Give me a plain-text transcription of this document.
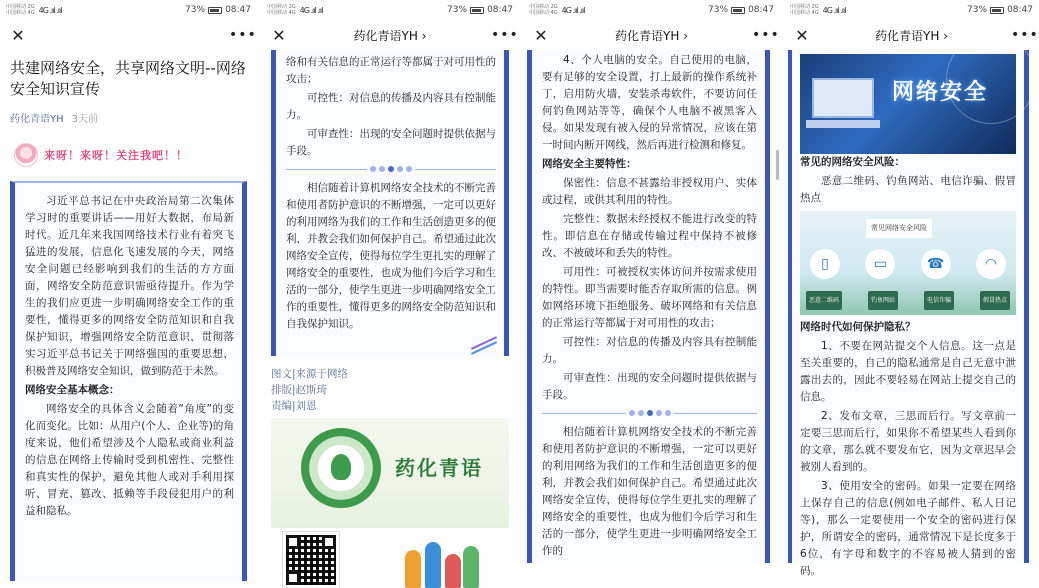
中国移动 2G
中国移动 4G 4G .ııl .ııl	73% 08:47
✕	•••
共建网络安全，共享网络文明--网络安全知识宣传
药化青语YH 3天前
来呀！来呀！关注我吧！！

习近平总书记在中央政治局第二次集体学习时的重要讲话——用好大数据，布局新时代。近几年来我国网络技术行业有着突飞猛进的发展，信息化飞速发展的今天，网络安全问题已经影响到我们的生活的方方面面，网络安全防范意识需亟待提升。作为学生的我们应更进一步明确网络安全工作的重要性，懂得更多的网络安全防范知识和自我保护知识，增强网络安全防范意识，贯彻落实习近平总书记关于网络强国的重要思想，积极普及网络安全知识，做到防范于未然。

网络安全基本概念：

网络安全的具体含义会随着“角度”的变化而变化。比如：从用户(个人、企业等)的角度来说，他们希望涉及个人隐私或商业利益的信息在网络上传输时受到机密性、完整性和真实性的保护，避免其他人或对手利用探听、冒充、篡改、抵赖等手段侵犯用户的利益和隐私。

中国移动 2G
中国移动 4G 4G .ııl .ııl	73% 08:47
✕	药化青语YH ›	•••

络和有关信息的正常运行等都属于对可用性的攻击；

可控性：对信息的传播及内容具有控制能力。

可审查性：出现的安全问题时提供依据与手段。

相信随着计算机网络安全技术的不断完善和使用者防护意识的不断增强，一定可以更好的利用网络为我们的工作和生活创造更多的便利，并教会我们如何保护自己。希望通过此次网络安全宣传，使得每位学生更扎实的理解了网络安全的重要性，也成为他们今后学习和生活的一部分，使学生更进一步明确网络安全工作的重要性，懂得更多的网络安全防范知识和自我保护知识。

图文|来源于网络
排版|赵斯琦
责编|刘恩
药化青语
中国移动 2G
中国移动 4G 4G .ııl .ııl	73% 08:47
✕	药化青语YH ›	•••

4、个人电脑的安全。自己使用的电脑，要有足够的安全设置，打上最新的操作系统补丁，启用防火墙，安装杀毒软件，不要访问任何钓鱼网站等等，确保个人电脑不被黑客入侵。如果发现有被入侵的异常情况，应该在第一时间内断开网线，然后再进行检测和修复。

网络安全主要特性：

保密性：信息不甚露给非授权用户、实体或过程，或供其利用的特性。

完整性：数据未经授权不能进行改变的特性。即信息在存储或传输过程中保持不被修改、不被破坏和丢失的特性。

可用性：可被授权实体访问并按需求使用的特性。即当需要时能否存取所需的信息。例如网络环境下拒绝服务、破坏网络和有关信息的正常运行等都属于对可用性的攻击；

可控性：对信息的传播及内容具有控制能力。

可审查性：出现的安全问题时提供依据与手段。

相信随着计算机网络安全技术的不断完善和使用者防护意识的不断增强，一定可以更好的利用网络为我们的工作和生活创造更多的便利，并教会我们如何保护自己。希望通过此次网络安全宣传，使得每位学生更扎实的理解了网络安全的重要性，也成为他们今后学习和生活的一部分，使学生更进一步明确网络安全工作的

中国移动 2G
中国移动 4G 4G .ııl .ııl	73% 08:47
✕	药化青语YH ›	•••
网络安全

常见的网络安全风险：

恶意二维码、钓鱼网站、电信诈骗、假冒热点

常见网络安全风险
▯	▭	☎	◠
恶意二维码	钓鱼网站	电信诈骗	假冒热点

网络时代如何保护隐私？

1、不要在网站提交个人信息。这一点是至关重要的，自己的隐私通常是自己无意中泄露出去的，因此不要轻易在网站上提交自己的信息。

2、发布文章，三思而后行。写文章前一定要三思而后行，如果你不希望某些人看到你的文章，那么就不要发布它，因为文章迟早会被别人看到的。

3、使用安全的密码。如果一定要在网络上保存自己的信息(例如电子邮件、私人日记等)，那么一定要使用一个安全的密码进行保护，所谓安全的密码，通常情况下是长度多于6位，有字母和数字的不容易被人猜到的密码。
